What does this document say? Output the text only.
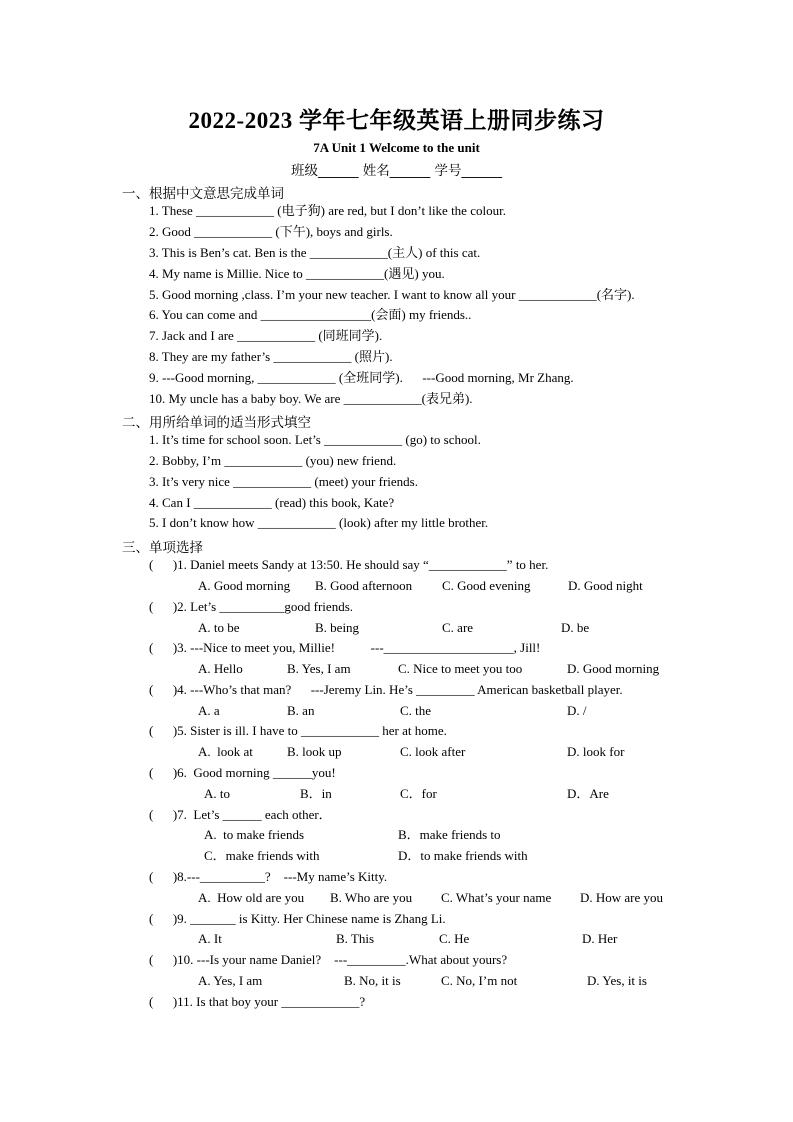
2022-2023 学年七年级英语上册同步练习
7A Unit 1 Welcome to the unit
班级______ 姓名______ 学号______
一、根据中文意思完成单词
1. These ____________ (电子狗) are red, but I don’t like the colour.
2. Good ____________ (下午), boys and girls.
3. This is Ben’s cat. Ben is the ____________(主人) of this cat.
4. My name is Millie. Nice to ____________(遇见) you.
5. Good morning ,class. I’m your new teacher. I want to know all your ____________(名字).
6. You can come and _________________(会面) my friends..
7. Jack and I are ____________ (同班同学).
8. They are my father’s ____________ (照片).
9. ---Good morning, ____________ (全班同学).      ---Good morning, Mr Zhang.
10. My uncle has a baby boy. We are ____________(表兄弟).
二、用所给单词的适当形式填空
1. It’s time for school soon. Let’s ____________ (go) to school.
2. Bobby, I’m ____________ (you) new friend.
3. It’s very nice ____________ (meet) your friends.
4. Can I ____________ (read) this book, Kate?
5. I don’t know how ____________ (look) after my little brother.
三、单项选择
(      )1. Daniel meets Sandy at 13:50. He should say “____________” to her.
A. Good morning B. Good afternoon C. Good evening	D. Good night
(      )2. Let’s __________good friends.
A. to be	B. being	C. are	D. be
(      )3. ---Nice to meet you, Millie!           ---____________________, Jill!
A. Hello	B. Yes, I am	C. Nice to meet you too	D. Good morning
(      )4. ---Who’s that man?      ---Jeremy Lin. He’s _________ American basketball player.
A. a	B. an	C. the	D. /
(      )5. Sister is ill. I have to ____________ her at home.
A.  look at	B. look up	C. look after	D. look for
(      )6.  Good morning ______you!
A. to	B．in	C．for	D．Are
(      )7.  Let’s ______ each other．
A.  to make friends	B．make friends to
C．make friends with	D．to make friends with
(      )8.---__________?    ---My name’s Kitty.
A.  How old are you B. Who are you C. What’s your name D. How are you
(      )9. _______ is Kitty. Her Chinese name is Zhang Li.
A. It	B. This	C. He	D. Her
(      )10. ---Is your name Daniel?    ---_________.What about yours?
A. Yes, I am	B. No, it is	C. No, I’m not	D. Yes, it is
(      )11. Is that boy your ____________?
